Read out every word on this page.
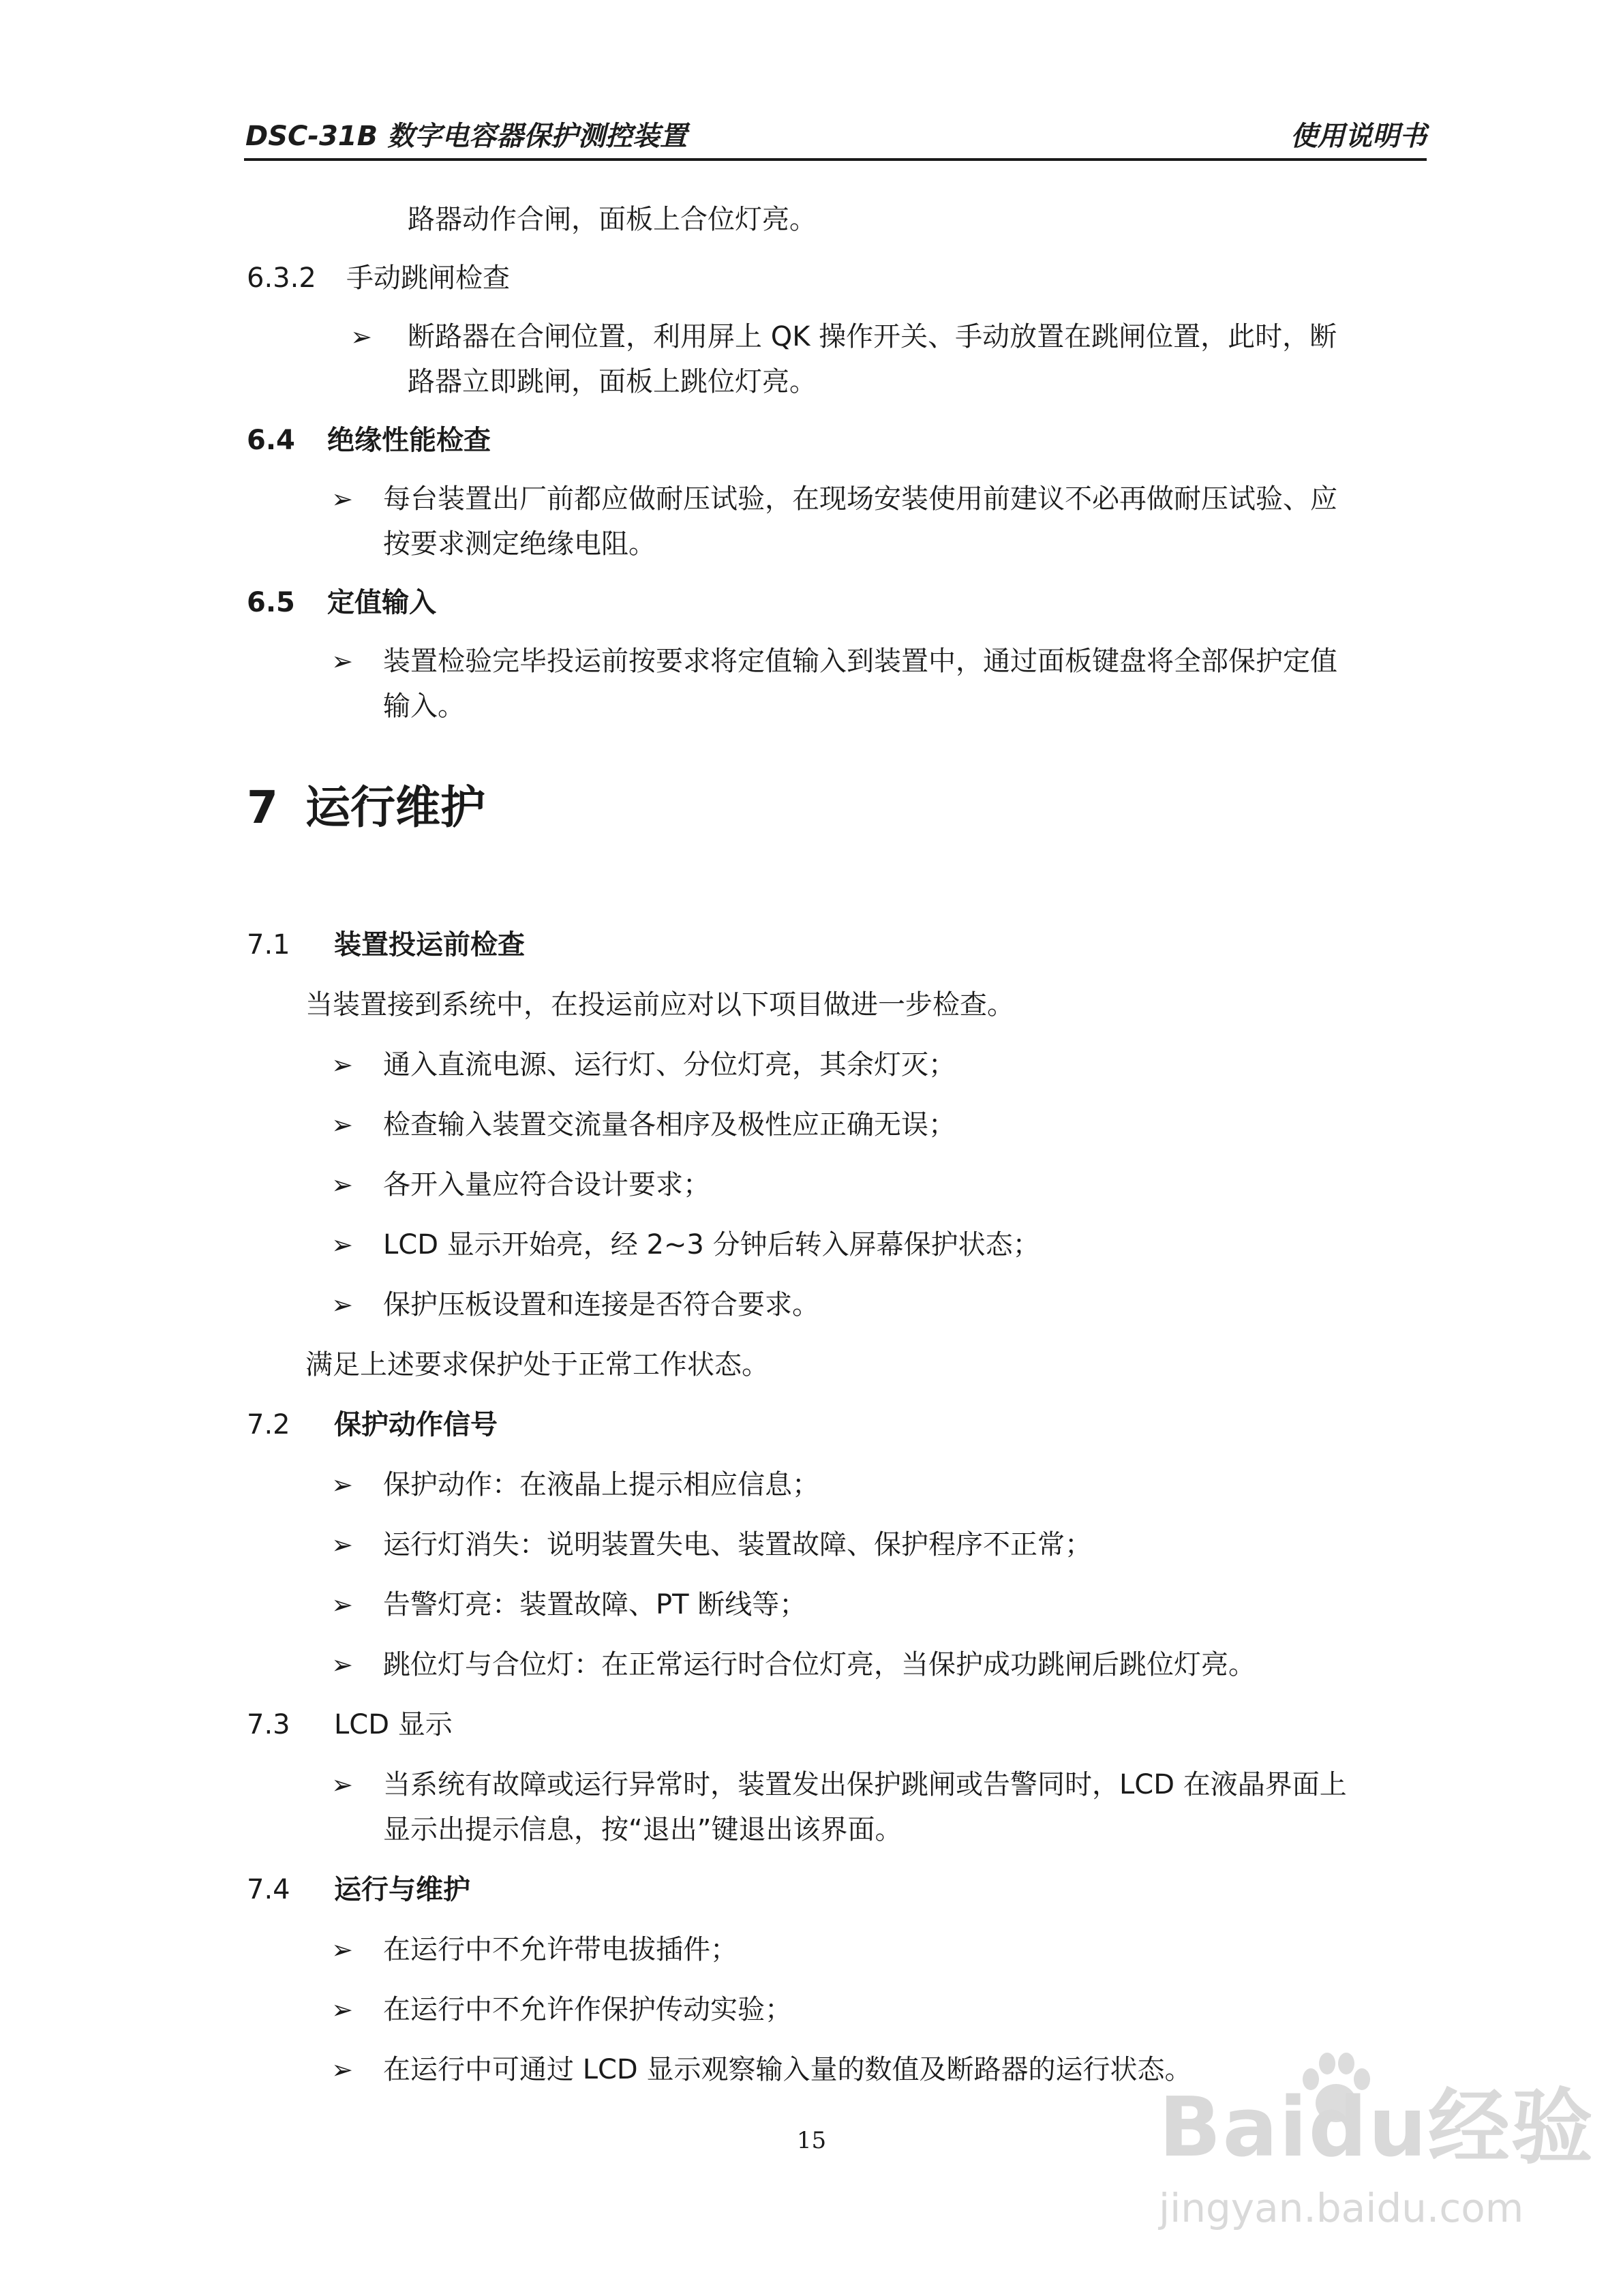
DSC-31B 数字电容器保护测控装置	使用说明书
路器动作合闸，面板上合位灯亮。
6.3.2 手动跳闸检查
➢ 断路器在合闸位置，利用屏上 QK 操作开关、手动放置在跳闸位置，此时，断
路器立即跳闸，面板上跳位灯亮。
6.4 绝缘性能检查
➢ 每台装置出厂前都应做耐压试验，在现场安装使用前建议不必再做耐压试验、应
按要求测定绝缘电阻。
6.5 定值输入
➢ 装置检验完毕投运前按要求将定值输入到装置中，通过面板键盘将全部保护定值
输入。
7 运行维护
7.1 装置投运前检查
当装置接到系统中，在投运前应对以下项目做进一步检查。
➢ 通入直流电源、运行灯、分位灯亮，其余灯灭；
➢ 检查输入装置交流量各相序及极性应正确无误；
➢ 各开入量应符合设计要求；
➢ LCD 显示开始亮，经 2~3 分钟后转入屏幕保护状态；
➢ 保护压板设置和连接是否符合要求。
满足上述要求保护处于正常工作状态。
7.2 保护动作信号
➢ 保护动作：在液晶上提示相应信息；
➢ 运行灯消失：说明装置失电、装置故障、保护程序不正常；
➢ 告警灯亮：装置故障、PT 断线等；
➢ 跳位灯与合位灯：在正常运行时合位灯亮，当保护成功跳闸后跳位灯亮。
7.3 LCD 显示
➢ 当系统有故障或运行异常时，装置发出保护跳闸或告警同时，LCD 在液晶界面上
显示出提示信息，按“退出”键退出该界面。
7.4 运行与维护
➢ 在运行中不允许带电拔插件；
➢ 在运行中不允许作保护传动实验；
➢ 在运行中可通过 LCD 显示观察输入量的数值及断路器的运行状态。
15	Baidu经验
jingyan.baidu.com
